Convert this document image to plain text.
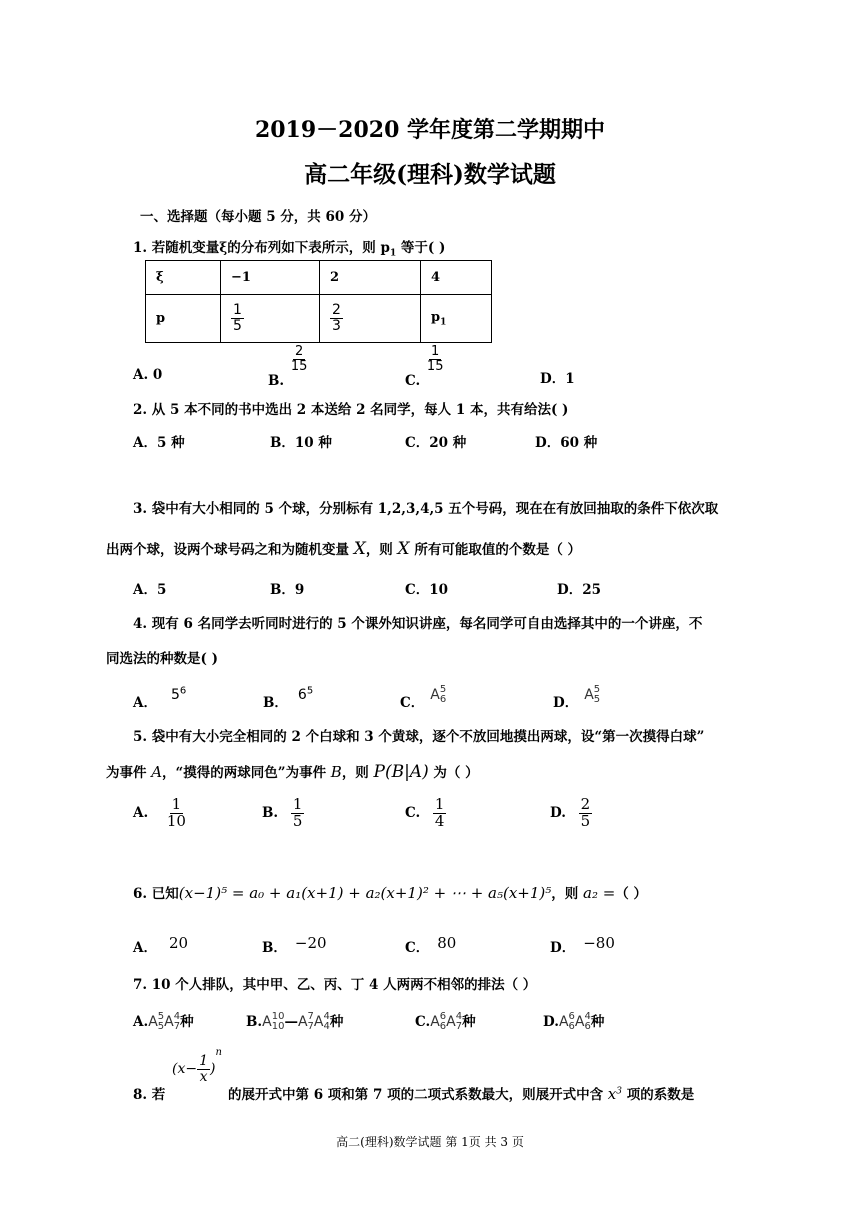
2019－2020 学年度第二学期期中
高二年级(理科)数学试题
一、选择题（每小题 5 分，共 60 分）
1. 若随机变量ξ的分布列如下表所示，则 $p_1$ 等于( )
ξ	−1	2	4
p	$\frac{1}{5}$	$\frac{2}{3}$	$p_1$
A. 0	B.
$\frac{2}{15}$
C.
$\frac{1}{15}$
D．1
2. 从 5 本不同的书中选出 2 本送给 2 名同学，每人 1 本，共有给法( )
A．5 种	B．10 种	C．20 种	D．60 种
3. 袋中有大小相同的 5 个球，分别标有 1,2,3,4,5 五个号码，现在在有放回抽取的条件下依次取
出两个球，设两个球号码之和为随机变量 X，则 X 所有可能取值的个数是（ ）
A．5	B．9	C．10	D．25
4. 现有 6 名同学去听同时进行的 5 个课外知识讲座，每名同学可自由选择其中的一个讲座，不
同选法的种数是( )
A． $5^6$
B． $6^5$
C． A 5
6	D． A 5
5
5. 袋中有大小完全相同的 2 个白球和 3 个黄球，逐个不放回地摸出两球，设“第一次摸得白球”
为事件 A，“摸得的两球同色”为事件 B，则 P(B|A) 为（ ）
A. $\frac{1}{10}$	B. $\frac{1}{5}$	C. $\frac{1}{4}$	D. $\frac{2}{5}$
6. 已知(x−1)⁵ = a₀ + a₁(x+1) + a₂(x+1)² + ⋯ + a₅(x+1)⁵，则 a₂ =（ ）
A． 20	B． −20	C． 80	D． −80
7. 10 个人排队，其中甲、乙、丙、丁 4 人两两不相邻的排法（ ）
A.A 5
5 A 4
7 种	B.A 10
10 —A 7
7 A 4
4 种	C.A 6
6 A 4
7 种	D.A 6
6 A 4
6 种
8. 若
$(x- \frac{1}{x} )^n$
的展开式中第 6 项和第 7 项的二项式系数最大，则展开式中含 $x^3$ 项的系数是
高二(理科)数学试题 第 1页 共 3 页
